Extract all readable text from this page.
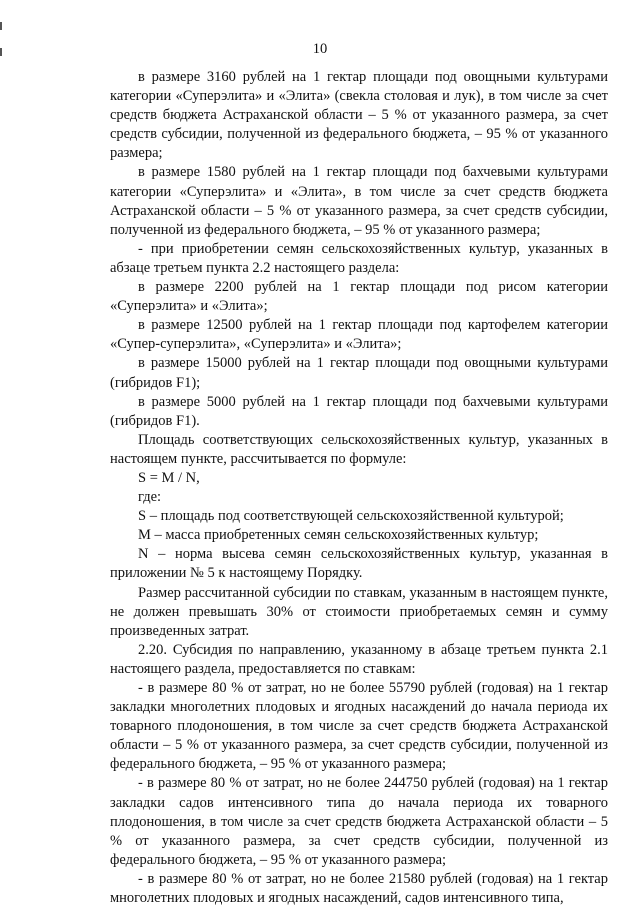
10

в размере 3160 рублей на 1 гектар площади под овощными культурами категории «Суперэлита» и «Элита» (свекла столовая и лук), в том числе за счет средств бюджета Астраханской области – 5 % от указанного размера, за счет средств субсидии, полученной из федерального бюджета, – 95 % от указанного размера;

в размере 1580 рублей на 1 гектар площади под бахчевыми культурами категории «Суперэлита» и «Элита», в том числе за счет средств бюджета Астраханской области – 5 % от указанного размера, за счет средств субсидии, полученной из федерального бюджета, – 95 % от указанного размера;

- при приобретении семян сельскохозяйственных культур, указанных в абзаце третьем пункта 2.2 настоящего раздела:

в размере 2200 рублей на 1 гектар площади под рисом категории «Суперэлита» и «Элита»;

в размере 12500 рублей на 1 гектар площади под картофелем категории «Супер-суперэлита», «Суперэлита» и «Элита»;

в размере 15000 рублей на 1 гектар площади под овощными культурами (гибридов F1);

в размере 5000 рублей на 1 гектар площади под бахчевыми культурами (гибридов F1).

Площадь соответствующих сельскохозяйственных культур, указанных в настоящем пункте, рассчитывается по формуле:

S = M / N,

где:

S – площадь под соответствующей сельскохозяйственной культурой;

M – масса приобретенных семян сельскохозяйственных культур;

N – норма высева семян сельскохозяйственных культур, указанная в приложении № 5 к настоящему Порядку.

Размер рассчитанной субсидии по ставкам, указанным в настоящем пункте, не должен превышать 30% от стоимости приобретаемых семян и сумму произведенных затрат.

2.20. Субсидия по направлению, указанному в абзаце третьем пункта 2.1 настоящего раздела, предоставляется по ставкам:

- в размере 80 % от затрат, но не более 55790 рублей (годовая) на 1 гектар закладки многолетних плодовых и ягодных насаждений до начала периода их товарного плодоношения, в том числе за счет средств бюджета Астраханской области – 5 % от указанного размера, за счет средств субсидии, полученной из федерального бюджета, – 95 % от указанного размера;

- в размере 80 % от затрат, но не более 244750 рублей (годовая) на 1 гектар закладки садов интенсивного типа до начала периода их товарного плодоношения, в том числе за счет средств бюджета Астраханской области – 5 % от указанного размера, за счет средств субсидии, полученной из федерального бюджета, – 95 % от указанного размера;

- в размере 80 % от затрат, но не более 21580 рублей (годовая) на 1 гектар многолетних плодовых и ягодных насаждений, садов интенсивного типа,
